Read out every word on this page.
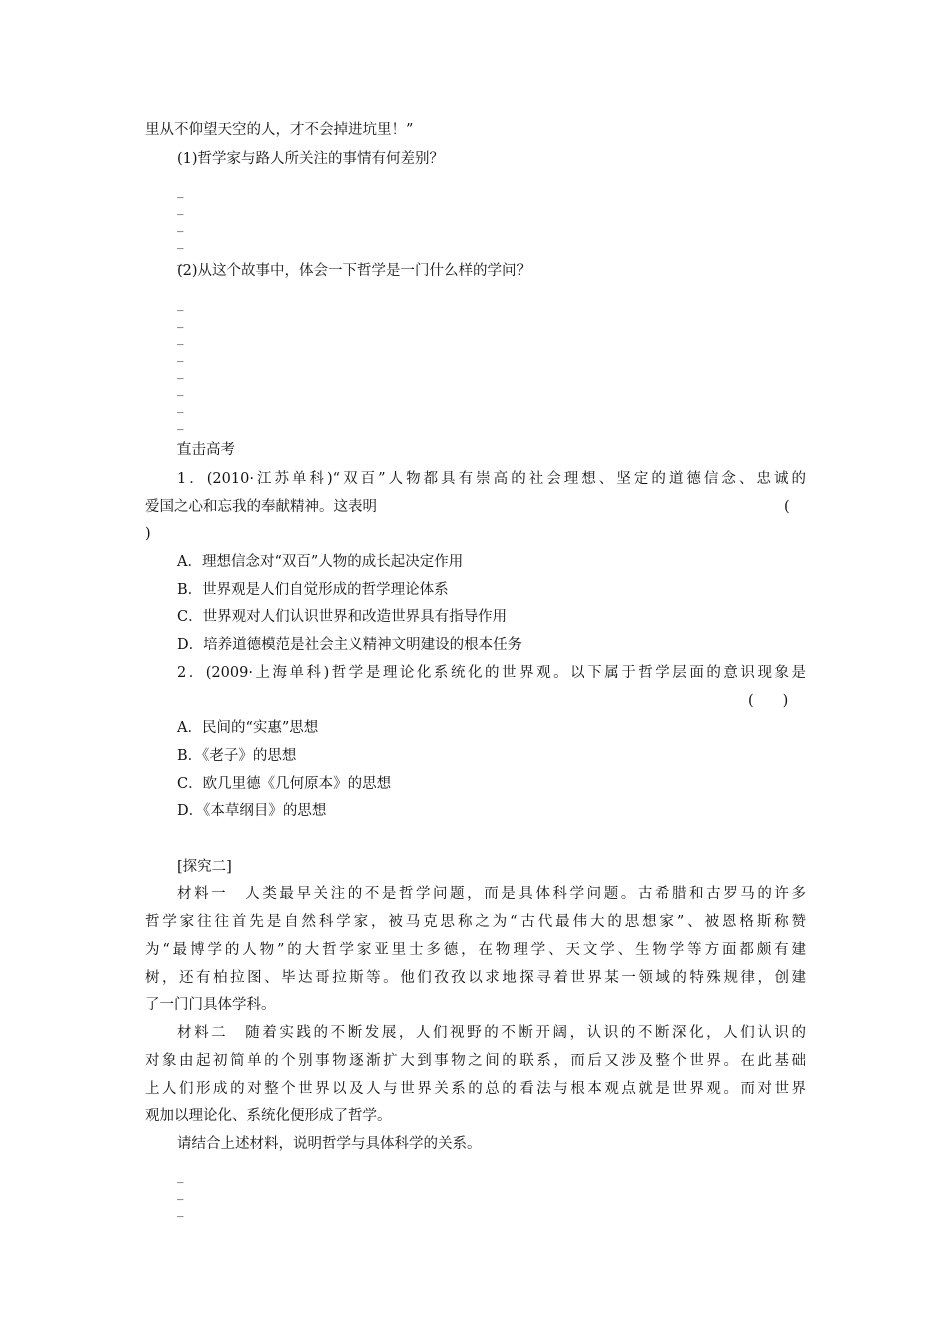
里从不仰望天空的人，才不会掉进坑里！”
(1)哲学家与路人所关注的事情有何差别？
_
_
_
_
_
(2)从这个故事中，体会一下哲学是一门什么样的学问？
_
_
_
_
_
_
_
_
_
直击高考
1．(2010·江苏单科)“双百”人物都具有崇高的社会理想、坚定的道德信念、忠诚的
爱国之心和忘我的奉献精神。这表明	(
)
A．理想信念对“双百”人物的成长起决定作用
B．世界观是人们自觉形成的哲学理论体系
C．世界观对人们认识世界和改造世界具有指导作用
D．培养道德模范是社会主义精神文明建设的根本任务
2．(2009·上海单科)哲学是理论化系统化的世界观。以下属于哲学层面的意识现象是
(　　)
A．民间的“实惠”思想
B．《老子》的思想
C．欧几里德《几何原本》的思想
D．《本草纲目》的思想
[探究二]
材料一　人类最早关注的不是哲学问题，而是具体科学问题。古希腊和古罗马的许多
哲学家往往首先是自然科学家，被马克思称之为“古代最伟大的思想家”、被恩格斯称赞
为“最博学的人物”的大哲学家亚里士多德，在物理学、天文学、生物学等方面都颇有建
树，还有柏拉图、毕达哥拉斯等。他们孜孜以求地探寻着世界某一领域的特殊规律，创建
了一门门具体学科。
材料二　随着实践的不断发展，人们视野的不断开阔，认识的不断深化，人们认识的
对象由起初简单的个别事物逐渐扩大到事物之间的联系，而后又涉及整个世界。在此基础
上人们形成的对整个世界以及人与世界关系的总的看法与根本观点就是世界观。而对世界
观加以理论化、系统化便形成了哲学。
请结合上述材料，说明哲学与具体科学的关系。
_
_
_
